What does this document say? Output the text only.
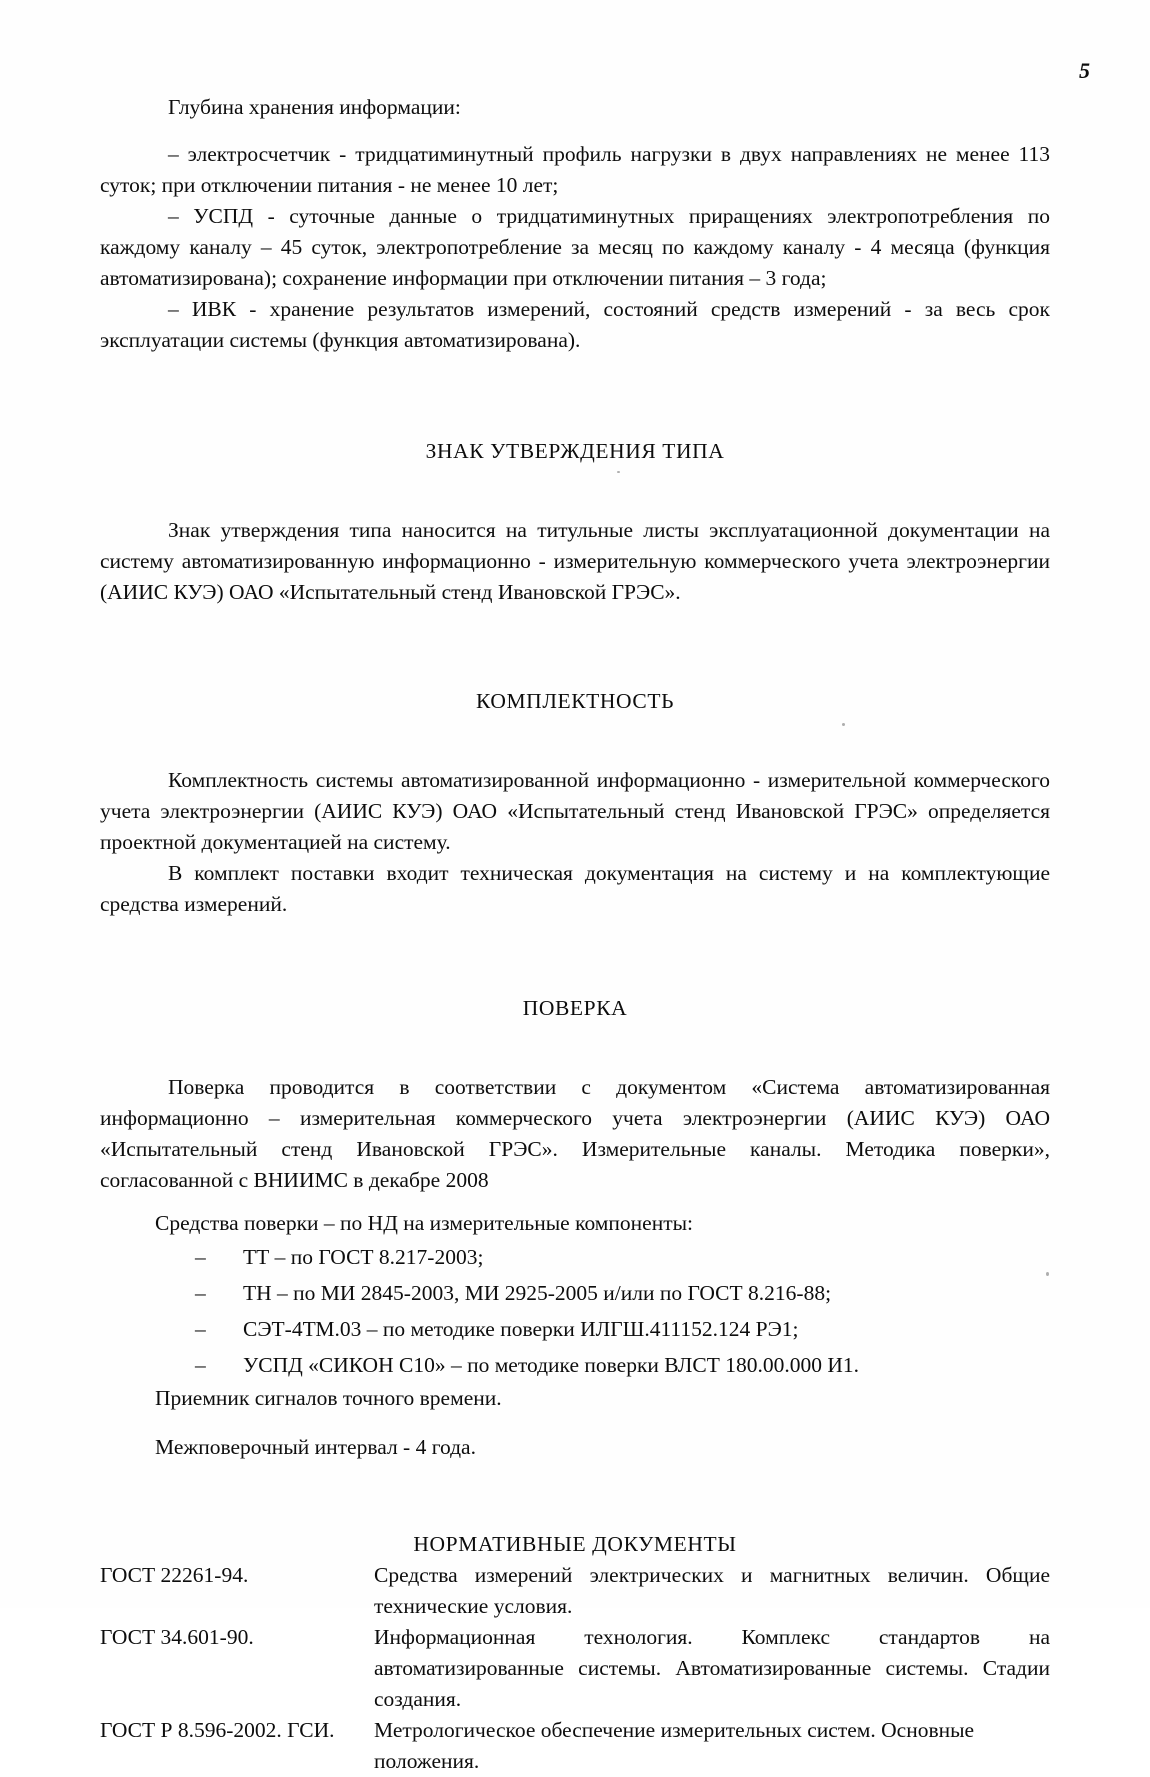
5

Глубина хранения информации:

– электросчетчик - тридцатиминутный профиль нагрузки в двух направлениях не менее 113 суток; при отключении питания - не менее 10 лет;

– УСПД - суточные данные о тридцатиминутных приращениях электропотребления по каждому каналу – 45 суток, электропотребление за месяц по каждому каналу - 4 месяца (функция автоматизирована); сохранение информации при отключении питания – 3 года;

– ИВК - хранение результатов измерений, состояний средств измерений - за весь срок эксплуатации системы (функция автоматизирована).

ЗНАК УТВЕРЖДЕНИЯ ТИПА

Знак утверждения типа наносится на титульные листы эксплуатационной документации на систему автоматизированную информационно - измерительную коммерческого учета электроэнергии (АИИС КУЭ) ОАО «Испытательный стенд Ивановской ГРЭС».

КОМПЛЕКТНОСТЬ

Комплектность системы автоматизированной информационно - измерительной коммерческого учета электроэнергии (АИИС КУЭ) ОАО «Испытательный стенд Ивановской ГРЭС» определяется проектной документацией на систему.

В комплект поставки входит техническая документация на систему и на комплектующие средства измерений.

ПОВЕРКА

Поверка проводится в соответствии с документом «Система автоматизированная информационно – измерительная коммерческого учета электроэнергии (АИИС КУЭ) ОАО «Испытательный стенд Ивановской ГРЭС». Измерительные каналы. Методика поверки», согласованной с ВНИИМС в декабре 2008

Средства поверки – по НД на измерительные компоненты:

– ТТ – по ГОСТ 8.217-2003;
– ТН – по МИ 2845-2003, МИ 2925-2005 и/или по ГОСТ 8.216-88;
– СЭТ-4ТМ.03 – по методике поверки ИЛГШ.411152.124 РЭ1;
– УСПД «СИКОН С10» – по методике поверки ВЛСТ 180.00.000 И1.

Приемник сигналов точного времени.

Межповерочный интервал - 4 года.

НОРМАТИВНЫЕ ДОКУМЕНТЫ

ГОСТ 22261-94.	Средства измерений электрических и магнитных величин. Общие технические условия.
ГОСТ 34.601-90.	Информационная технология. Комплекс стандартов на автоматизированные системы. Автоматизированные системы. Стадии создания.
ГОСТ Р 8.596-2002. ГСИ.	Метрологическое обеспечение измерительных систем. Основные положения.
